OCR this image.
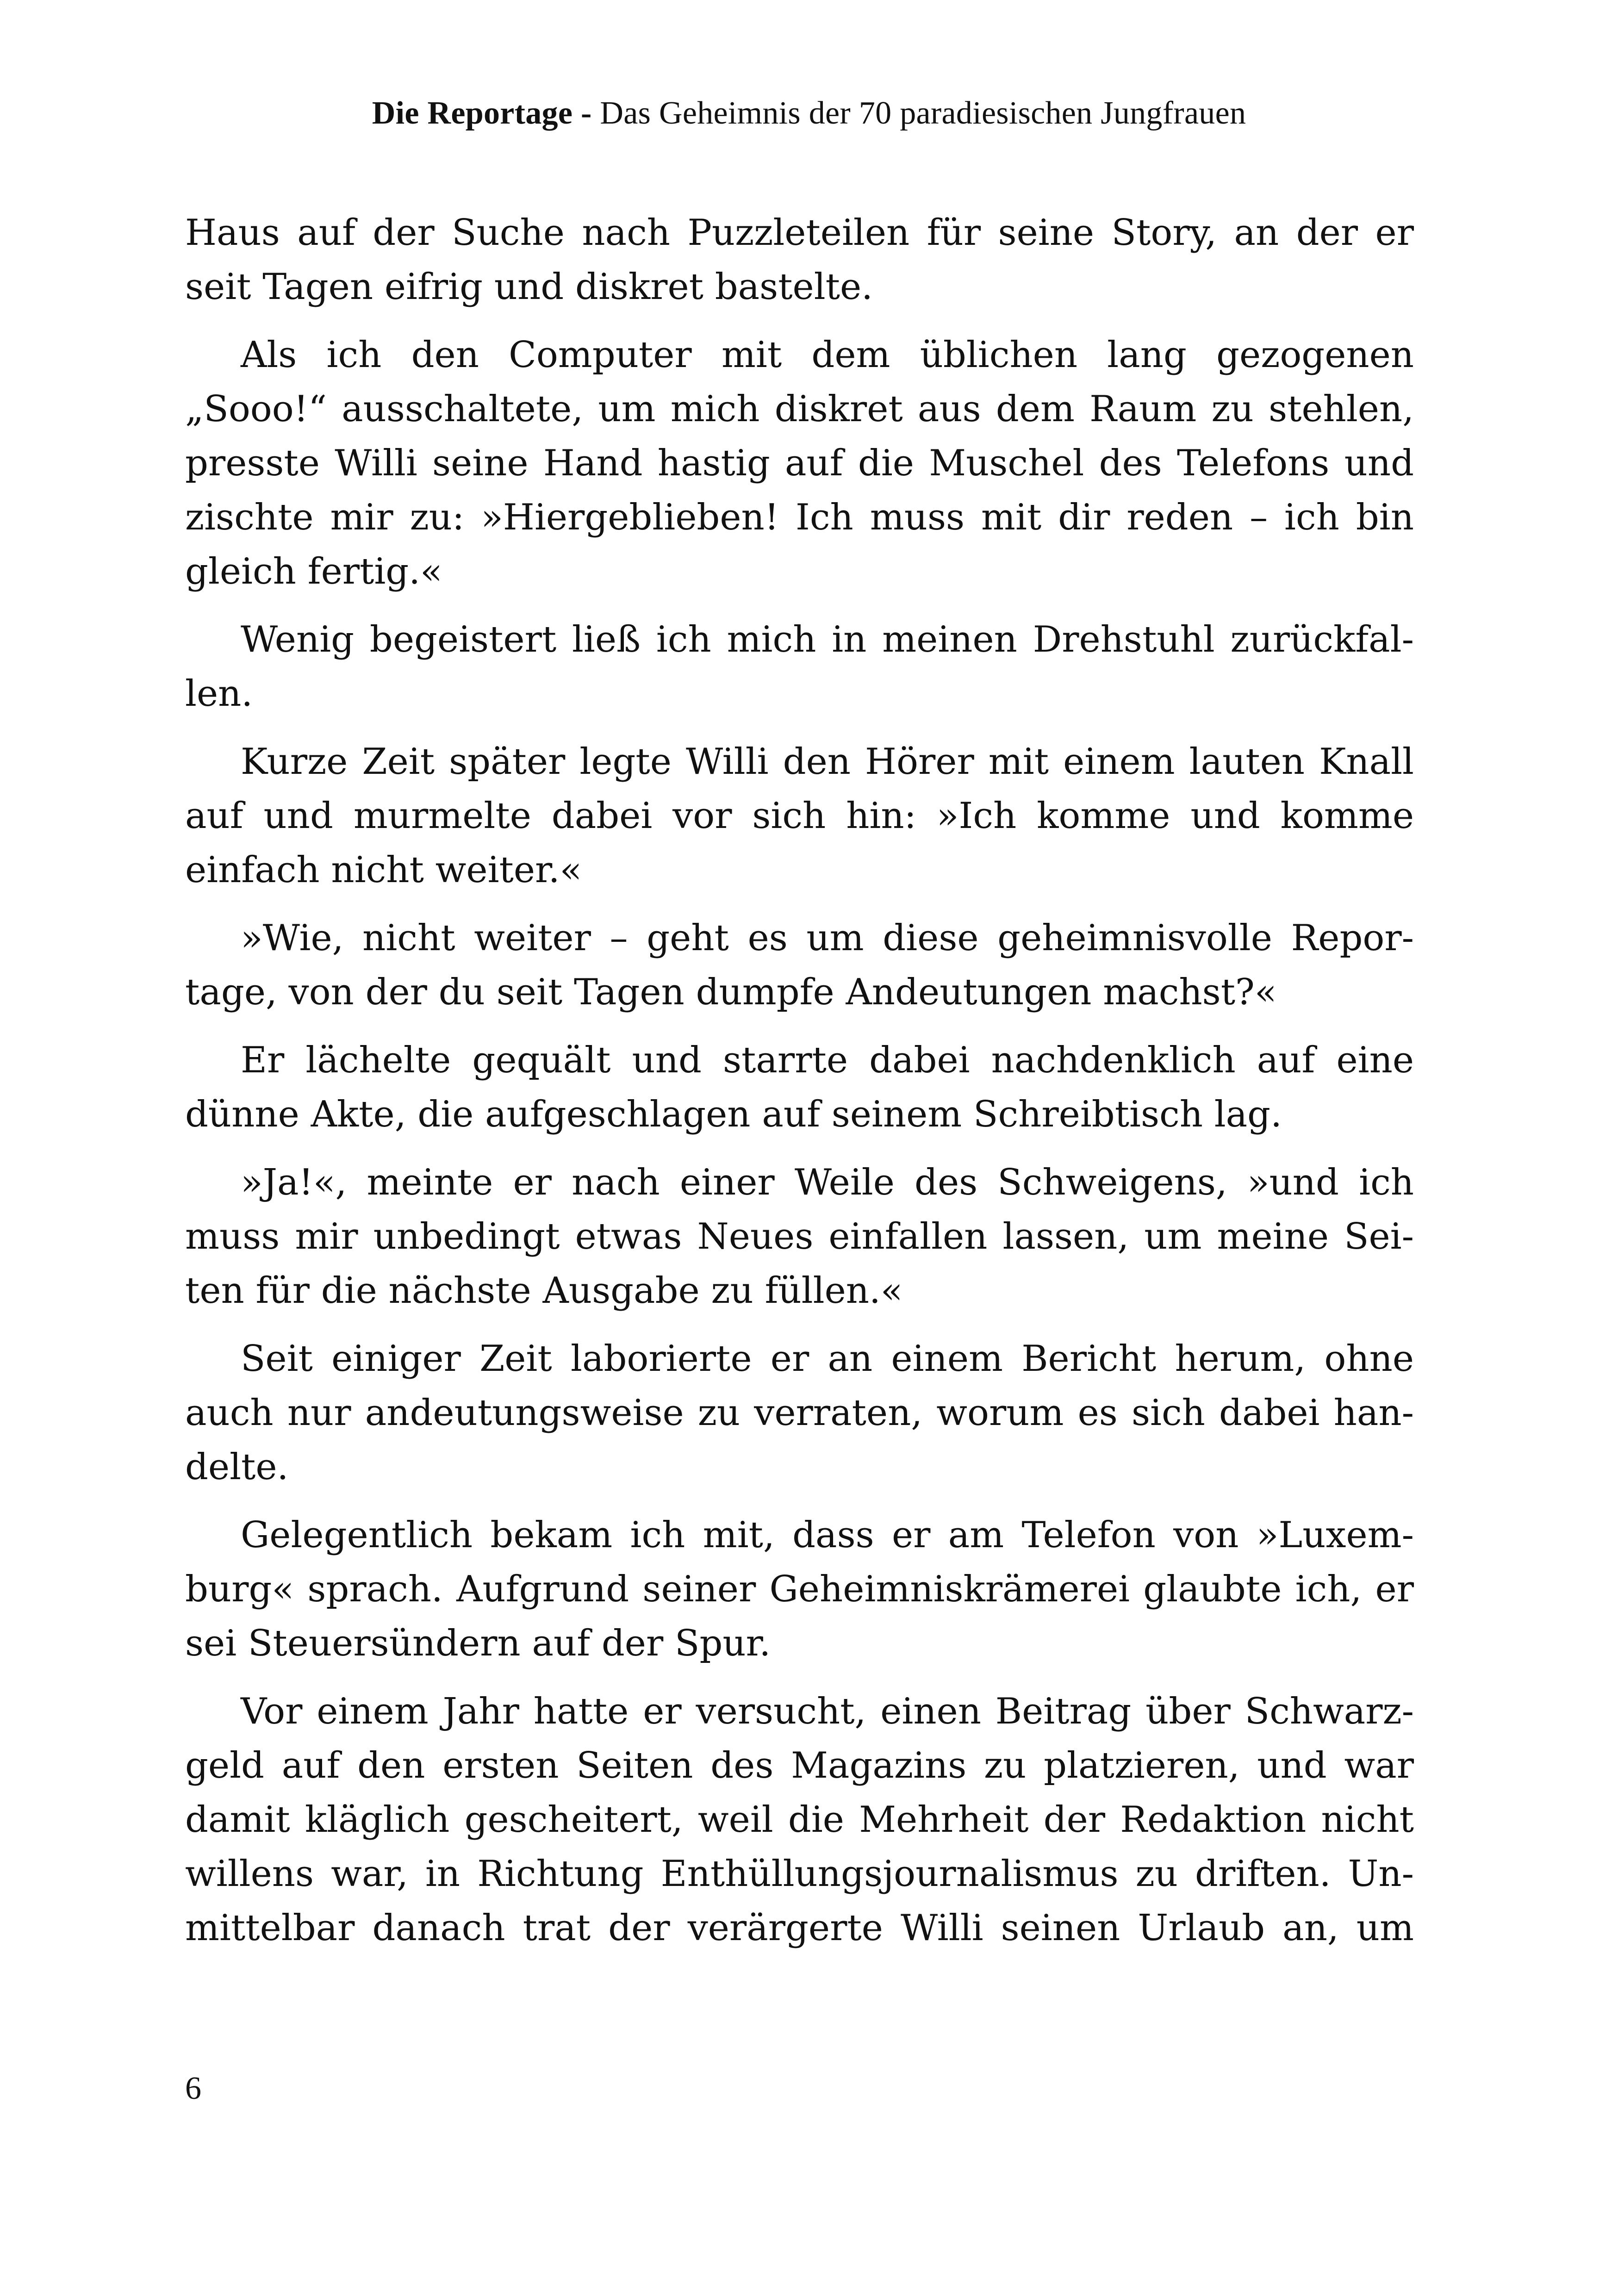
Die Reportage - Das Geheimnis der 70 paradiesischen Jungfrauen

Haus auf der Suche nach Puzzleteilen für seine Story, an der er seit Tagen eifrig und diskret bastelte.

Als ich den Computer mit dem üblichen lang gezogenen „Sooo!“ ausschaltete, um mich diskret aus dem Raum zu stehlen, presste Willi seine Hand hastig auf die Muschel des Telefons und zischte mir zu: »Hiergeblieben! Ich muss mit dir reden – ich bin gleich fertig.«

Wenig begeistert ließ ich mich in meinen Drehstuhl zurückfallen.

Kurze Zeit später legte Willi den Hörer mit einem lauten Knall auf und murmelte dabei vor sich hin: »Ich komme und komme einfach nicht weiter.«

»Wie, nicht weiter – geht es um diese geheimnisvolle Reportage, von der du seit Tagen dumpfe Andeutungen machst?«

Er lächelte gequält und starrte dabei nachdenklich auf eine dünne Akte, die aufgeschlagen auf seinem Schreibtisch lag.

»Ja!«, meinte er nach einer Weile des Schweigens, »und ich muss mir unbedingt etwas Neues einfallen lassen, um meine Seiten für die nächste Ausgabe zu füllen.«

Seit einiger Zeit laborierte er an einem Bericht herum, ohne auch nur andeutungsweise zu verraten, worum es sich dabei handelte.

Gelegentlich bekam ich mit, dass er am Telefon von »Luxemburg« sprach. Aufgrund seiner Geheimniskrämerei glaubte ich, er sei Steuersündern auf der Spur.

Vor einem Jahr hatte er versucht, einen Beitrag über Schwarzgeld auf den ersten Seiten des Magazins zu platzieren, und war damit kläglich gescheitert, weil die Mehrheit der Redaktion nicht willens war, in Richtung Enthüllungsjournalismus zu driften. Unmittelbar danach trat der verärgerte Willi seinen Urlaub an, um

6
